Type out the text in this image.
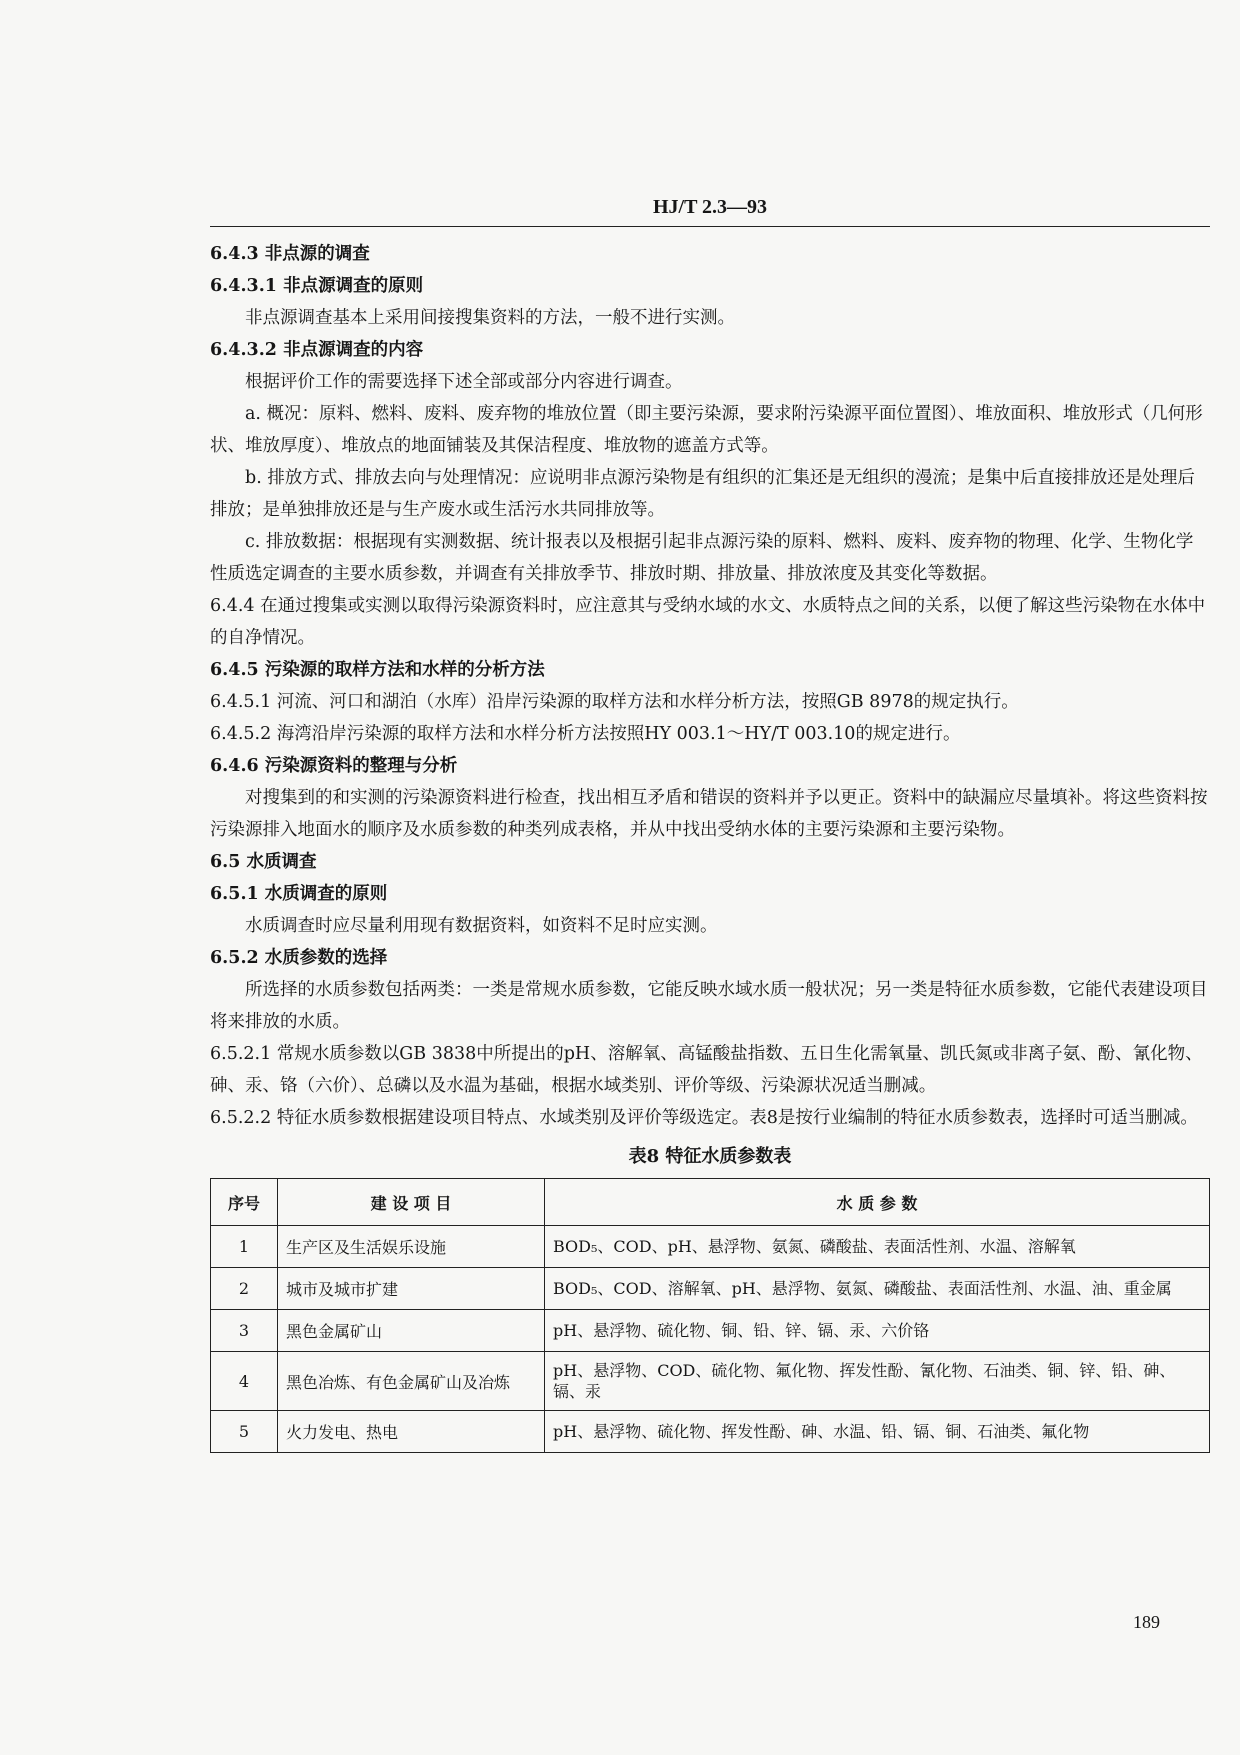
HJ/T 2.3—93

6.4.3 非点源的调查

6.4.3.1 非点源调查的原则

非点源调查基本上采用间接搜集资料的方法，一般不进行实测。

6.4.3.2 非点源调查的内容

根据评价工作的需要选择下述全部或部分内容进行调查。

a. 概况：原料、燃料、废料、废弃物的堆放位置（即主要污染源，要求附污染源平面位置图）、堆放面积、堆放形式（几何形状、堆放厚度）、堆放点的地面铺装及其保洁程度、堆放物的遮盖方式等。

b. 排放方式、排放去向与处理情况：应说明非点源污染物是有组织的汇集还是无组织的漫流；是集中后直接排放还是处理后排放；是单独排放还是与生产废水或生活污水共同排放等。

c. 排放数据：根据现有实测数据、统计报表以及根据引起非点源污染的原料、燃料、废料、废弃物的物理、化学、生物化学性质选定调查的主要水质参数，并调查有关排放季节、排放时期、排放量、排放浓度及其变化等数据。

6.4.4 在通过搜集或实测以取得污染源资料时，应注意其与受纳水域的水文、水质特点之间的关系，以便了解这些污染物在水体中的自净情况。

6.4.5 污染源的取样方法和水样的分析方法

6.4.5.1 河流、河口和湖泊（水库）沿岸污染源的取样方法和水样分析方法，按照GB 8978的规定执行。

6.4.5.2 海湾沿岸污染源的取样方法和水样分析方法按照HY 003.1～HY/T 003.10的规定进行。

6.4.6 污染源资料的整理与分析

对搜集到的和实测的污染源资料进行检查，找出相互矛盾和错误的资料并予以更正。资料中的缺漏应尽量填补。将这些资料按污染源排入地面水的顺序及水质参数的种类列成表格，并从中找出受纳水体的主要污染源和主要污染物。

6.5 水质调查

6.5.1 水质调查的原则

水质调查时应尽量利用现有数据资料，如资料不足时应实测。

6.5.2 水质参数的选择

所选择的水质参数包括两类：一类是常规水质参数，它能反映水域水质一般状况；另一类是特征水质参数，它能代表建设项目将来排放的水质。

6.5.2.1 常规水质参数以GB 3838中所提出的pH、溶解氧、高锰酸盐指数、五日生化需氧量、凯氏氮或非离子氨、酚、氰化物、砷、汞、铬（六价）、总磷以及水温为基础，根据水域类别、评价等级、污染源状况适当删减。

6.5.2.2 特征水质参数根据建设项目特点、水域类别及评价等级选定。表8是按行业编制的特征水质参数表，选择时可适当删减。

表8 特征水质参数表
序号	建 设 项 目	水 质 参 数
1	生产区及生活娱乐设施	BOD₅、COD、pH、悬浮物、氨氮、磷酸盐、表面活性剂、水温、溶解氧
2	城市及城市扩建	BOD₅、COD、溶解氧、pH、悬浮物、氨氮、磷酸盐、表面活性剂、水温、油、重金属
3	黑色金属矿山	pH、悬浮物、硫化物、铜、铅、锌、镉、汞、六价铬
4	黑色冶炼、有色金属矿山及冶炼	pH、悬浮物、COD、硫化物、氟化物、挥发性酚、氰化物、石油类、铜、锌、铅、砷、镉、汞
5	火力发电、热电	pH、悬浮物、硫化物、挥发性酚、砷、水温、铅、镉、铜、石油类、氟化物
189
